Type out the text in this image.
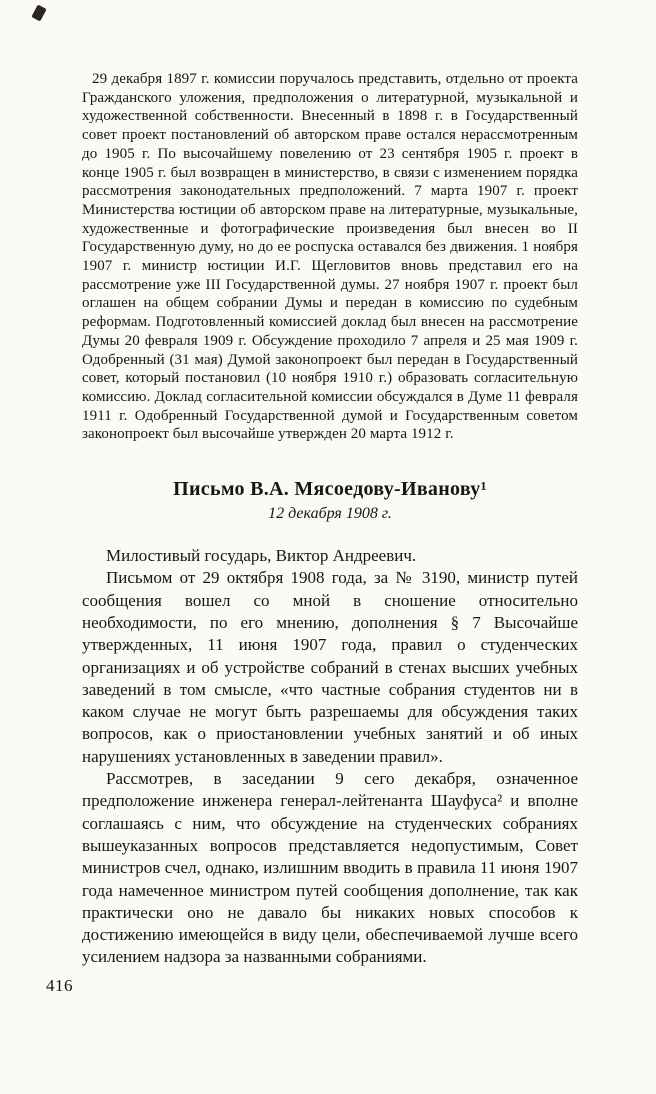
29 декабря 1897 г. комиссии поручалось представить, отдельно от проекта Гражданского уложения, предположения о литературной, музыкальной и художественной собственности. Внесенный в 1898 г. в Государственный совет проект постановлений об авторском праве остался нерассмотренным до 1905 г. По высочайшему повелению от 23 сентября 1905 г. проект в конце 1905 г. был возвращен в министерство, в связи с изменением порядка рассмотрения законодательных предположений. 7 марта 1907 г. проект Министерства юстиции об авторском праве на литературные, музыкальные, художественные и фотографические произведения был внесен во II Государственную думу, но до ее роспуска оставался без движения. 1 ноября 1907 г. министр юстиции И.Г. Щегловитов вновь представил его на рассмотрение уже III Государственной думы. 27 ноября 1907 г. проект был оглашен на общем собрании Думы и передан в комиссию по судебным реформам. Подготовленный комиссией доклад был внесен на рассмотрение Думы 20 февраля 1909 г. Обсуждение проходило 7 апреля и 25 мая 1909 г. Одобренный (31 мая) Думой законопроект был передан в Государственный совет, который постановил (10 ноября 1910 г.) образовать согласительную комиссию. Доклад согласительной комиссии обсуждался в Думе 11 февраля 1911 г. Одобренный Государственной думой и Государственным советом законопроект был высочайше утвержден 20 марта 1912 г.

Письмо В.А. Мясоедову-Иванову¹
12 декабря 1908 г.

Милостивый государь, Виктор Андреевич.

Письмом от 29 октября 1908 года, за № 3190, министр путей сообщения вошел со мной в сношение относительно необходимости, по его мнению, дополнения § 7 Высочайше утвержденных, 11 июня 1907 года, правил о студенческих организациях и об устройстве собраний в стенах высших учебных заведений в том смысле, «что частные собрания студентов ни в каком случае не могут быть разрешаемы для обсуждения таких вопросов, как о приостановлении учебных занятий и об иных нарушениях установленных в заведении правил».

Рассмотрев, в заседании 9 сего декабря, означенное предположение инженера генерал-лейтенанта Шауфуса² и вполне соглашаясь с ним, что обсуждение на студенческих собраниях вышеуказанных вопросов представляется недопустимым, Совет министров счел, однако, излишним вводить в правила 11 июня 1907 года намеченное министром путей сообщения дополнение, так как практически оно не давало бы никаких новых способов к достижению имеющейся в виду цели, обеспечиваемой лучше всего усилением надзора за названными собраниями.

416
